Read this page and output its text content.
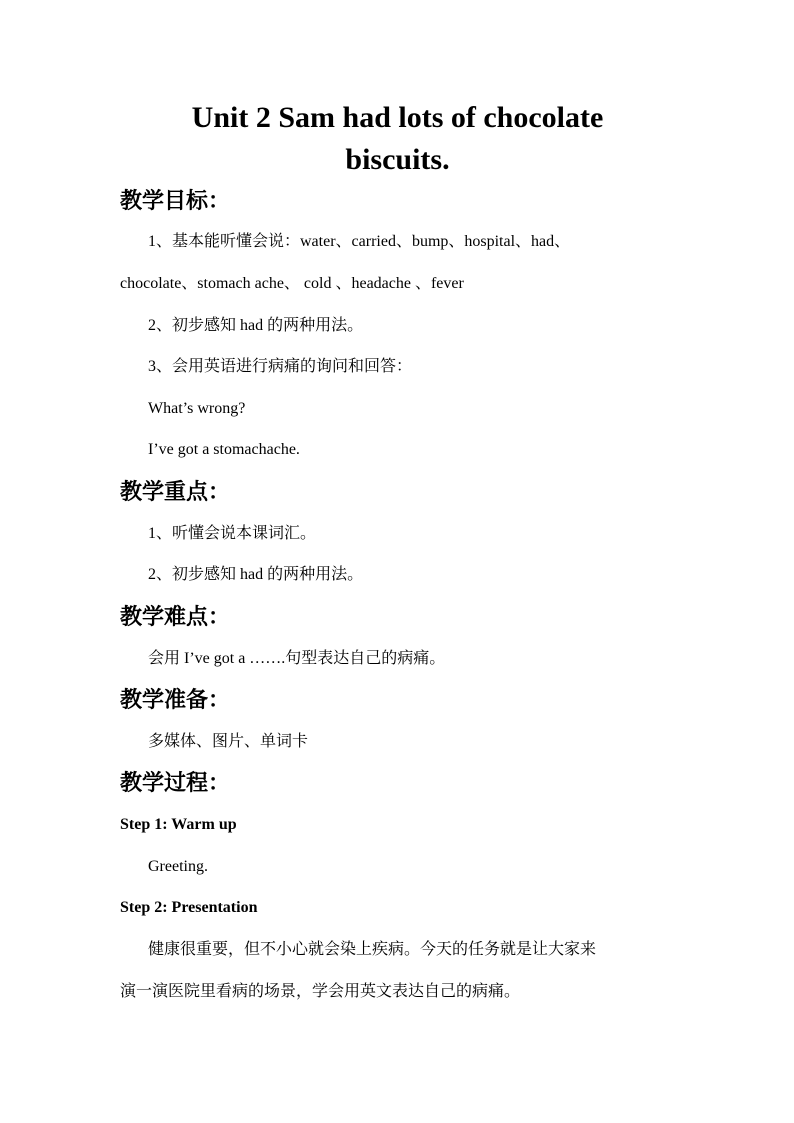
Unit 2 Sam had lots of chocolate
biscuits.
教学目标：

1、基本能听懂会说：water、carried、bump、hospital、had、

chocolate、stomach ache、 cold 、headache 、fever

2、初步感知 had 的两种用法。

3、会用英语进行病痛的询问和回答：

What’s wrong?

I’ve got a stomachache.

教学重点：

1、听懂会说本课词汇。

2、初步感知 had 的两种用法。

教学难点：

会用 I’ve got a …….句型表达自己的病痛。

教学准备：

多媒体、图片、单词卡

教学过程：

Step 1: Warm up

Greeting.

Step 2: Presentation

健康很重要，但不小心就会染上疾病。今天的任务就是让大家来

演一演医院里看病的场景，学会用英文表达自己的病痛。
